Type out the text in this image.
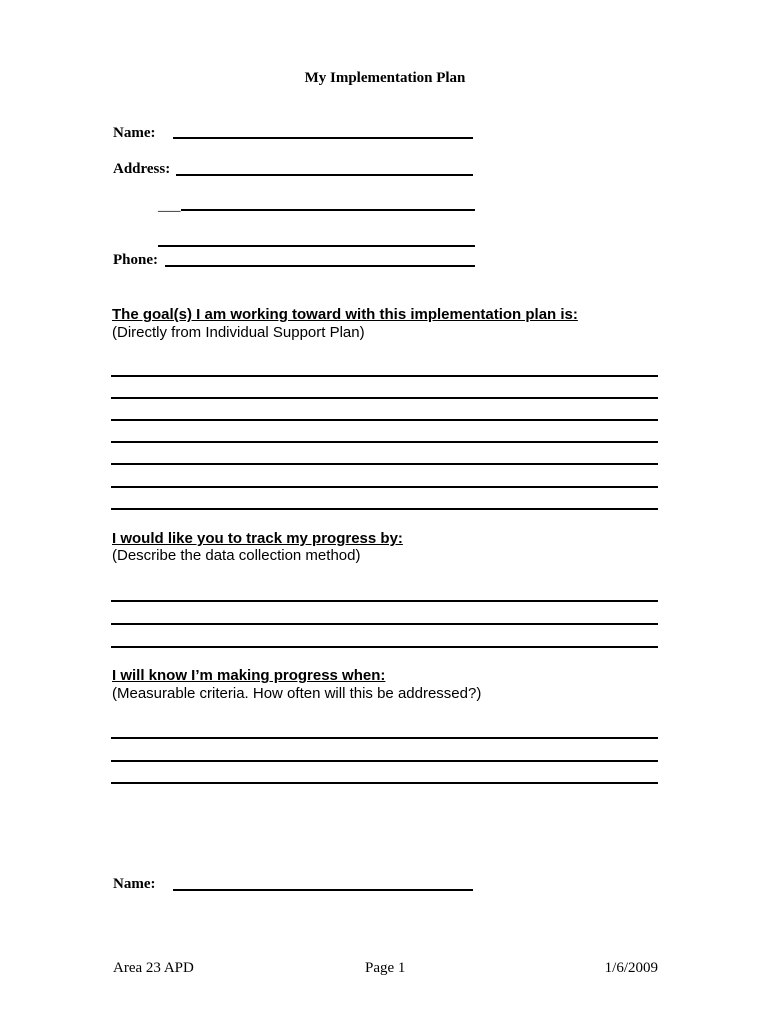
My Implementation Plan
Name:
Address:
___
Phone:
The goal(s) I am working toward with this implementation plan is:
(Directly from Individual Support Plan)
I would like you to track my progress by:
(Describe the data collection method)
I will know I’m making progress when:
(Measurable criteria. How often will this be addressed?)
Name:
Area 23 APD	Page 1	1/6/2009
